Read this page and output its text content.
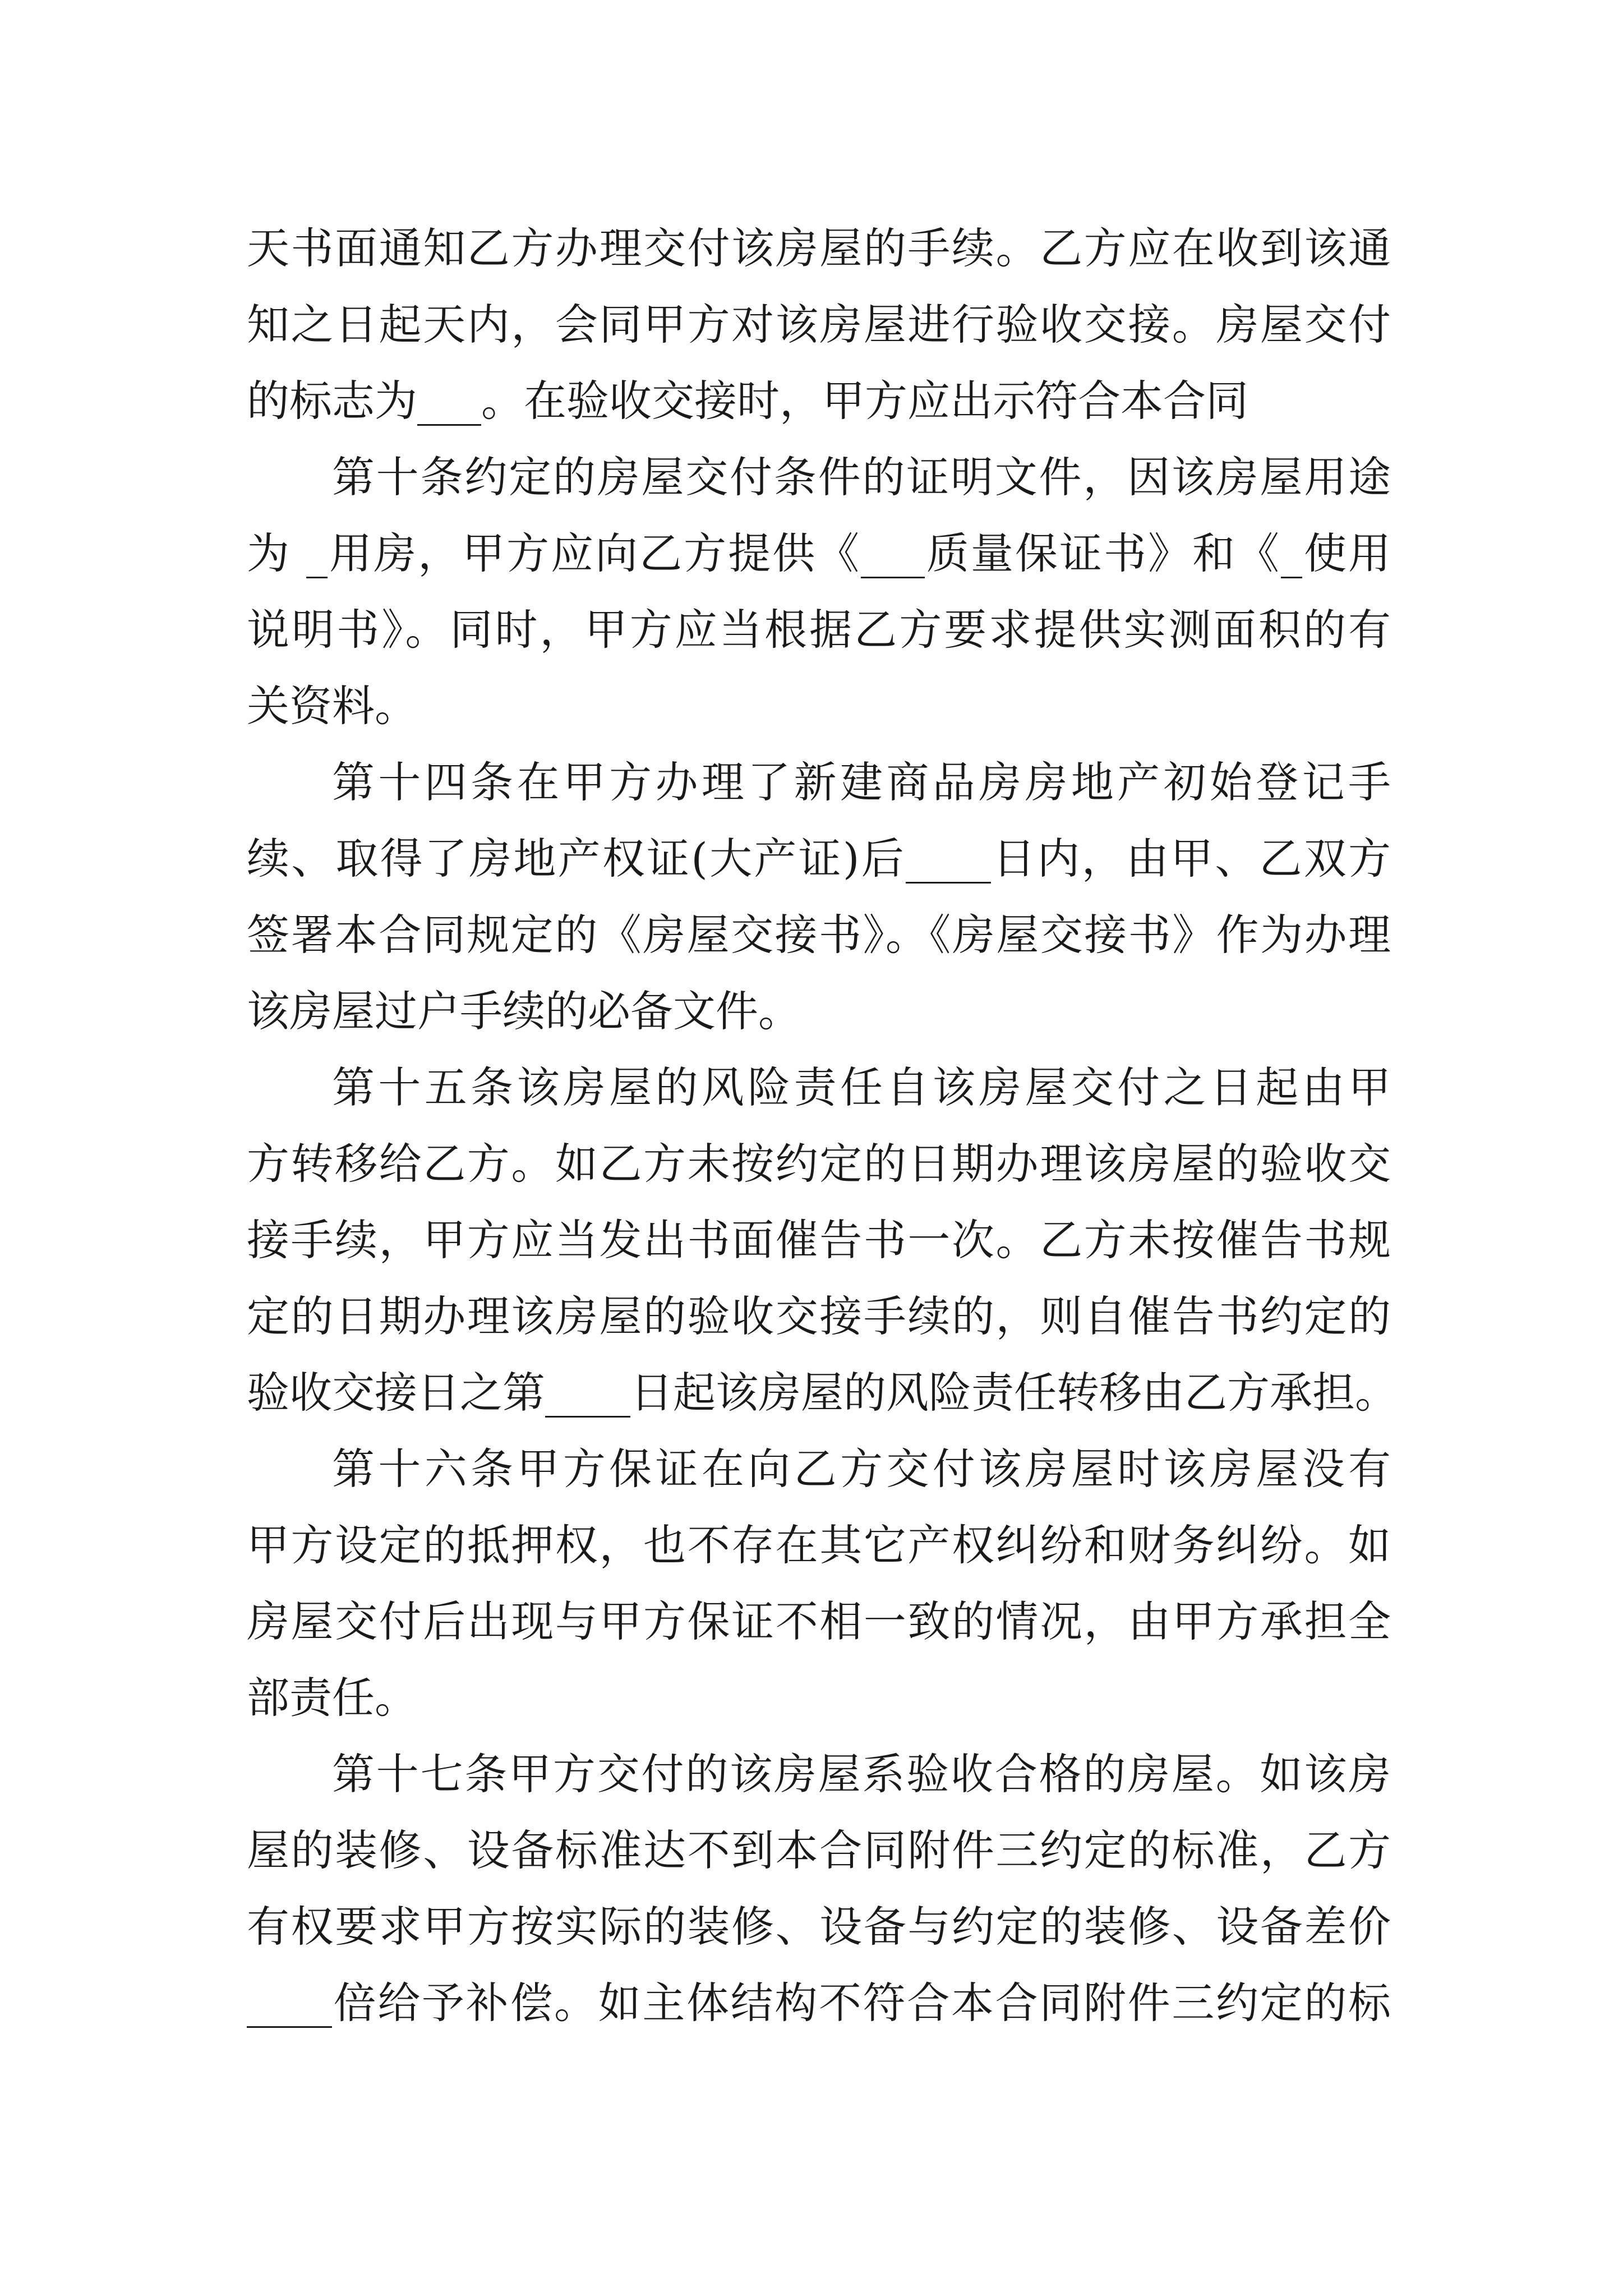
天书面通知乙方办理交付该房屋的手续。乙方应在收到该通
知之日起天内，会同甲方对该房屋进行验收交接。房屋交付
的标志为___。在验收交接时，甲方应出示符合本合同
第十条约定的房屋交付条件的证明文件，因该房屋用途
为 _用房，甲方应向乙方提供《___质量保证书》和《_使用
说明书》。同时，甲方应当根据乙方要求提供实测面积的有
关资料。
第十四条在甲方办理了新建商品房房地产初始登记手
续、取得了房地产权证(大产证)后____日内，由甲、乙双方
签署本合同规定的《房屋交接书》。《房屋交接书》作为办理
该房屋过户手续的必备文件。
第十五条该房屋的风险责任自该房屋交付之日起由甲
方转移给乙方。如乙方未按约定的日期办理该房屋的验收交
接手续，甲方应当发出书面催告书一次。乙方未按催告书规
定的日期办理该房屋的验收交接手续的，则自催告书约定的
验收交接日之第____日起该房屋的风险责任转移由乙方承担。
第十六条甲方保证在向乙方交付该房屋时该房屋没有
甲方设定的抵押权，也不存在其它产权纠纷和财务纠纷。如
房屋交付后出现与甲方保证不相一致的情况，由甲方承担全
部责任。
第十七条甲方交付的该房屋系验收合格的房屋。如该房
屋的装修、设备标准达不到本合同附件三约定的标准，乙方
有权要求甲方按实际的装修、设备与约定的装修、设备差价
____倍给予补偿。如主体结构不符合本合同附件三约定的标
